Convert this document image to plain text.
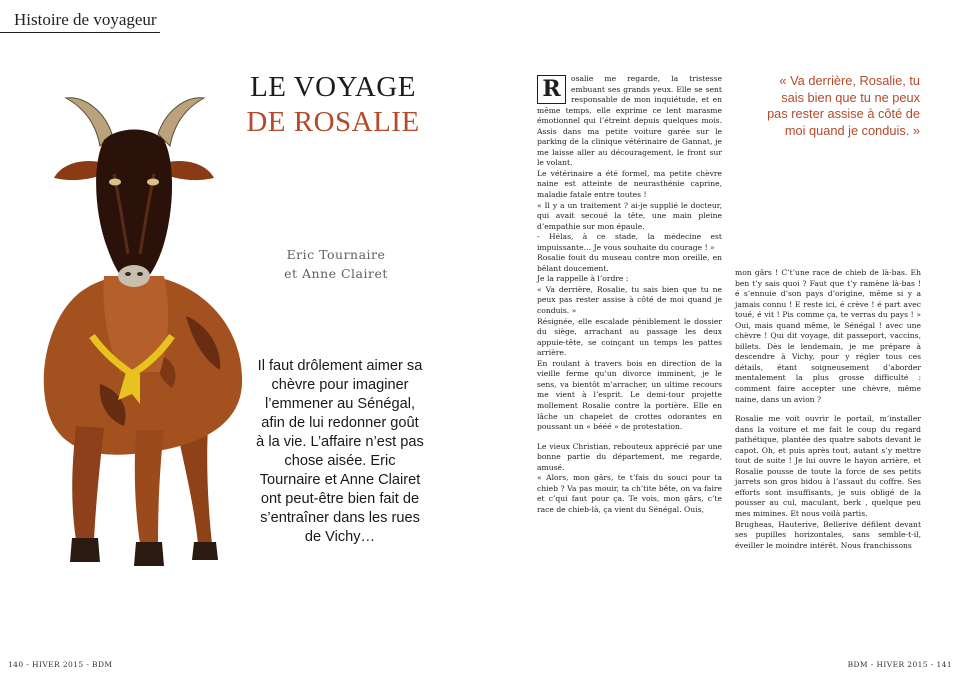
Histoire de voyageur
LE VOYAGE
DE ROSALIE
Eric Tournaire
et Anne Clairet
Il faut drôlement aimer sa chèvre pour imaginer l’emmener au Sénégal, afin de lui redonner goût à la vie. L’affaire n’est pas chose aisée. Eric Tournaire et Anne Clairet ont peut-être bien fait de s’entraîner dans les rues de Vichy…

R	osalie me regarde, la tristesse embuant ses grands yeux. Elle se sent responsable de mon inquiétude, et en même temps, elle exprime ce lent marasme émotionnel qui l’étreint depuis quelques mois. Assis dans ma petite voiture garée sur le parking de la clinique vétérinaire de Gannat, je me laisse aller au découragement, le front sur le volant.

Le vétérinaire a été formel, ma petite chèvre naine est atteinte de neurasthénie caprine, maladie fatale entre toutes !

« Il y a un traitement ? ai-je supplié le docteur, qui avait secoué la tête, une main pleine d’empathie sur mon épaule.

- Hélas, à ce stade, la médecine est impuissante… Je vous souhaite du courage ! »

Rosalie fouit du museau contre mon oreille, en bêlant doucement.

Je la rappelle à l’ordre :

« Va derrière, Rosalie, tu sais bien que tu ne peux pas rester assise à côté de moi quand je conduis. »

Résignée, elle escalade péniblement le dossier du siège, arrachant au passage les deux appuie-tête, se coinçant un temps les pattes arrière.

En roulant à travers bois en direction de la vieille ferme qu’un divorce imminent, je le sens, va bientôt m’arracher, un ultime recours me vient à l’esprit. Le demi-tour projette mollement Rosalie contre la portière. Elle en lâche un chapelet de crottes odorantes en poussant un « bééé » de protestation.

Le vieux Christian, rebouteux apprécié par une bonne partie du département, me regarde, amusé.

« Alors, mon gârs, te t’fais du souci pour ta chieb ? Va pas mouir, ta ch’tite bête, on va faire et c’qui faut pour ça. Te vois, mon gârs, c’te race de chieb-là, ça vient du Sénégal. Ouis,

« Va derrière, Rosalie, tu sais bien que tu ne peux pas rester assise à côté de moi quand je conduis. »

mon gârs ! C’t’une race de chieb de là-bas. Eh ben t’y sais quoi ? Faut que t’y ramène là-bas ! é s’ennuie d’son pays d’origine, même si y a jamais connu ! E reste ici, é crève ! é part avec toué, é vit ! Pis comme ça, te verras du pays ! » Oui, mais quand même, le Sénégal ! avec une chèvre ! Qui dit voyage, dit passeport, vaccins, billets. Dès le lendemain, je me prépare à descendre à Vichy, pour y régler tous ces détails, étant soigneusement d’aborder mentalement la plus grosse difficulté : comment faire accepter une chèvre, même naine, dans un avion ?

Rosalie me voit ouvrir le portail, m’installer dans la voiture et me fait le coup du regard pathétique, plantée des quatre sabots devant le capot. Oh, et puis après tout, autant s’y mettre tout de suite ! Je lui ouvre le hayon arrière, et Rosalie pousse de toute la force de ses petits jarrets son gros bidou à l’assaut du coffre. Ses efforts sont insuffisants, je suis obligé de la pousser au cul, maculant, berk , quelque peu mes mimines. Et nous voilà partis.

Brugheas, Hauterive, Bellerive défilent devant ses pupilles horizontales, sans semble-t-il, éveiller le moindre intérêt. Nous franchissons

140 - HIVER 2015 - BDM	BDM - HIVER 2015 - 141
